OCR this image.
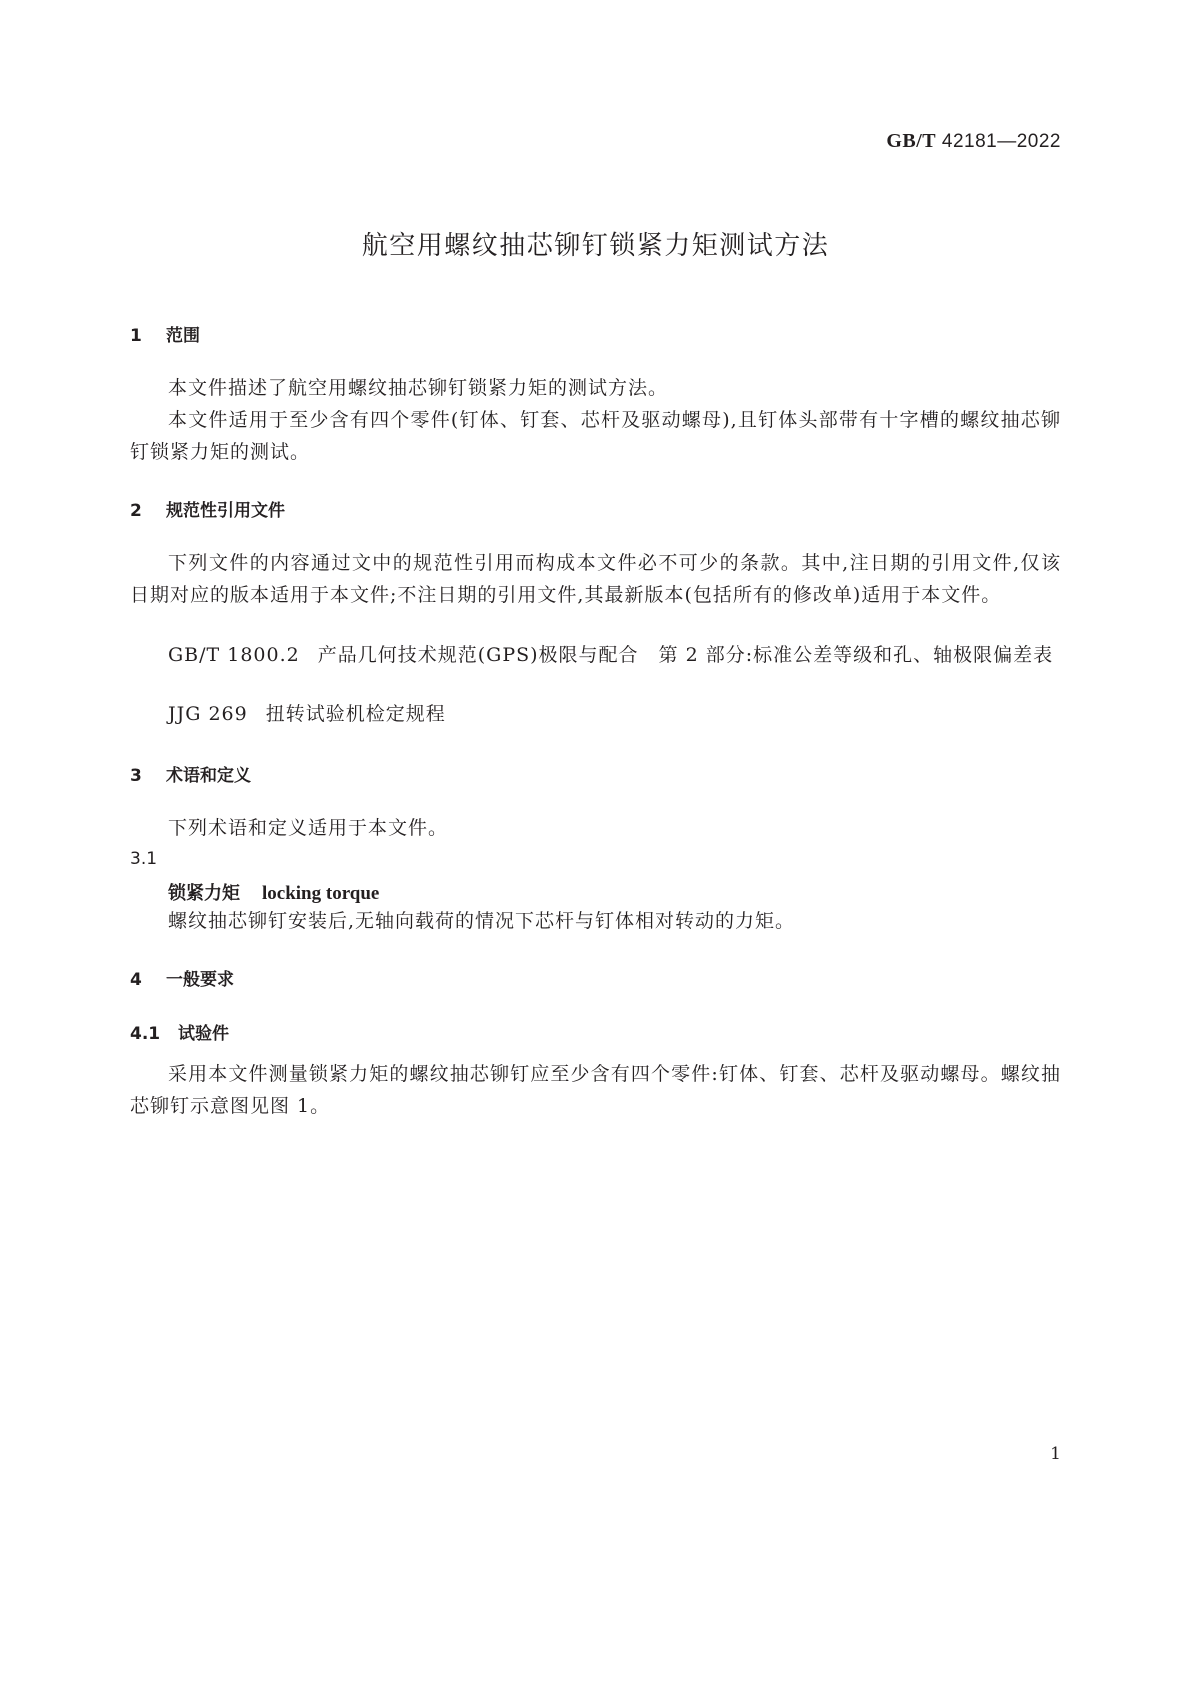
GB/T 42181—2022
航空用螺纹抽芯铆钉锁紧力矩测试方法
1 范围
本文件描述了航空用螺纹抽芯铆钉锁紧力矩的测试方法。
本文件适用于至少含有四个零件(钉体、钉套、芯杆及驱动螺母),且钉体头部带有十字槽的螺纹抽芯铆钉锁紧力矩的测试。
2 规范性引用文件
下列文件的内容通过文中的规范性引用而构成本文件必不可少的条款。其中,注日期的引用文件,仅该日期对应的版本适用于本文件;不注日期的引用文件,其最新版本(包括所有的修改单)适用于本文件。
GB/T 1800.2 产品几何技术规范(GPS)极限与配合　第 2 部分:标准公差等级和孔、轴极限偏差表
JJG 269 扭转试验机检定规程
3 术语和定义
下列术语和定义适用于本文件。
3.1
锁紧力矩 locking torque
螺纹抽芯铆钉安装后,无轴向载荷的情况下芯杆与钉体相对转动的力矩。
4 一般要求
4.1 试验件
采用本文件测量锁紧力矩的螺纹抽芯铆钉应至少含有四个零件:钉体、钉套、芯杆及驱动螺母。螺纹抽芯铆钉示意图见图 1。
1
